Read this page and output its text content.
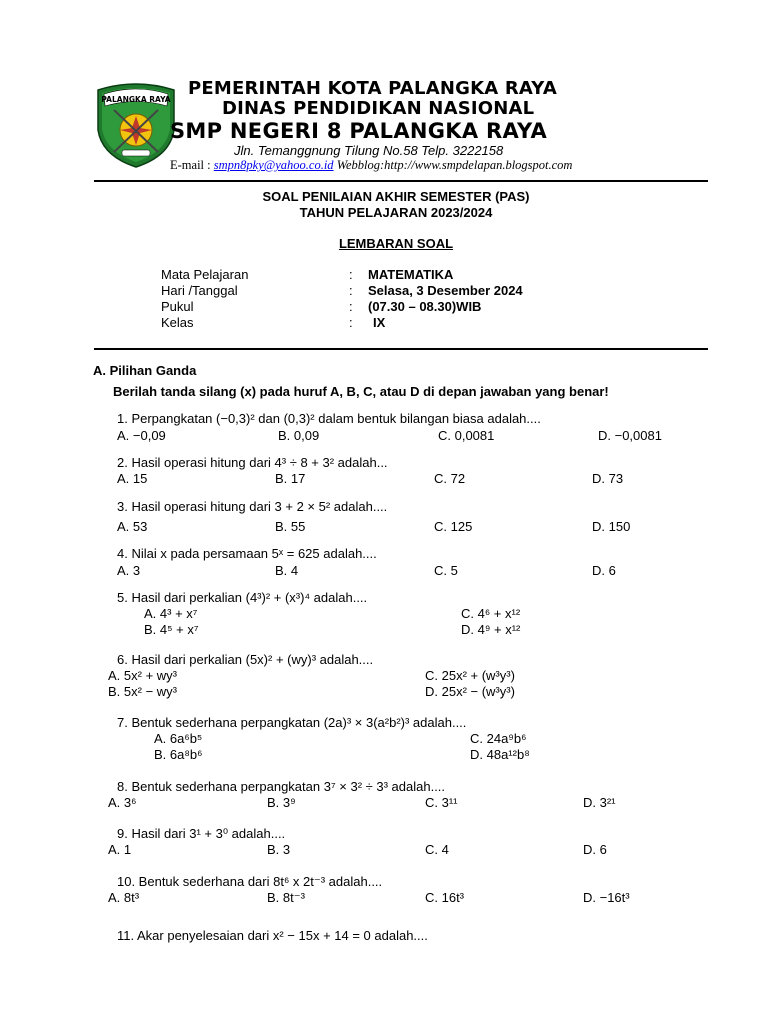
PALANGKA RAYA
PEMERINTAH KOTA PALANGKA RAYA
DINAS PENDIDIKAN NASIONAL
SMP NEGERI 8 PALANGKA RAYA
Jln. Temanggnung Tilung No.58 Telp. 3222158
E-mail : smpn8pky@yahoo.co.id Webblog:http://www.smpdelapan.blogspot.com
SOAL PENILAIAN AKHIR SEMESTER (PAS)
TAHUN PELAJARAN 2023/2024
LEMBARAN SOAL
Mata Pelajaran	: MATEMATIKA
Hari /Tanggal	: Selasa, 3 Desember 2024
Pukul	: (07.30 – 08.30)WIB
Kelas	: IX
A. Pilihan Ganda
Berilah tanda silang (x) pada huruf A, B, C, atau D di depan jawaban yang benar!
1. Perpangkatan (−0,3)² dan (0,3)² dalam bentuk bilangan biasa adalah....
A. −0,09	B. 0,09	C. 0,0081	D. −0,0081
2. Hasil operasi hitung dari 4³ ÷ 8 + 3² adalah...
A. 15	B. 17	C. 72	D. 73
3. Hasil operasi hitung dari 3 + 2 × 5² adalah....
A. 53	B. 55	C. 125	D. 150
4. Nilai x pada persamaan 5ˣ = 625 adalah....
A. 3	B. 4	C. 5	D. 6
5. Hasil dari perkalian (4³)² + (x³)⁴ adalah....
A. 4³ + x⁷	C. 4⁶ + x¹²
B. 4⁵ + x⁷	D. 4⁹ + x¹²
6. Hasil dari perkalian (5x)² + (wy)³ adalah....
A. 5x² + wy³	C. 25x² + (w³y³)
B. 5x² − wy³	D. 25x² − (w³y³)
7. Bentuk sederhana perpangkatan (2a)³ × 3(a²b²)³ adalah....
A. 6a⁶b⁵	C. 24a⁹b⁶
B. 6a⁸b⁶	D. 48a¹²b⁸
8. Bentuk sederhana perpangkatan 3⁷ × 3² ÷ 3³ adalah....
A. 3⁶	B. 3⁹	C. 3¹¹	D. 3²¹
9. Hasil dari 3¹ + 3⁰ adalah....
A. 1	B. 3	C. 4	D. 6
10. Bentuk sederhana dari 8t⁶ x 2t⁻³ adalah....
A. 8t³	B. 8t⁻³	C. 16t³	D. −16t³
11. Akar penyelesaian dari x² − 15x + 14 = 0 adalah....
